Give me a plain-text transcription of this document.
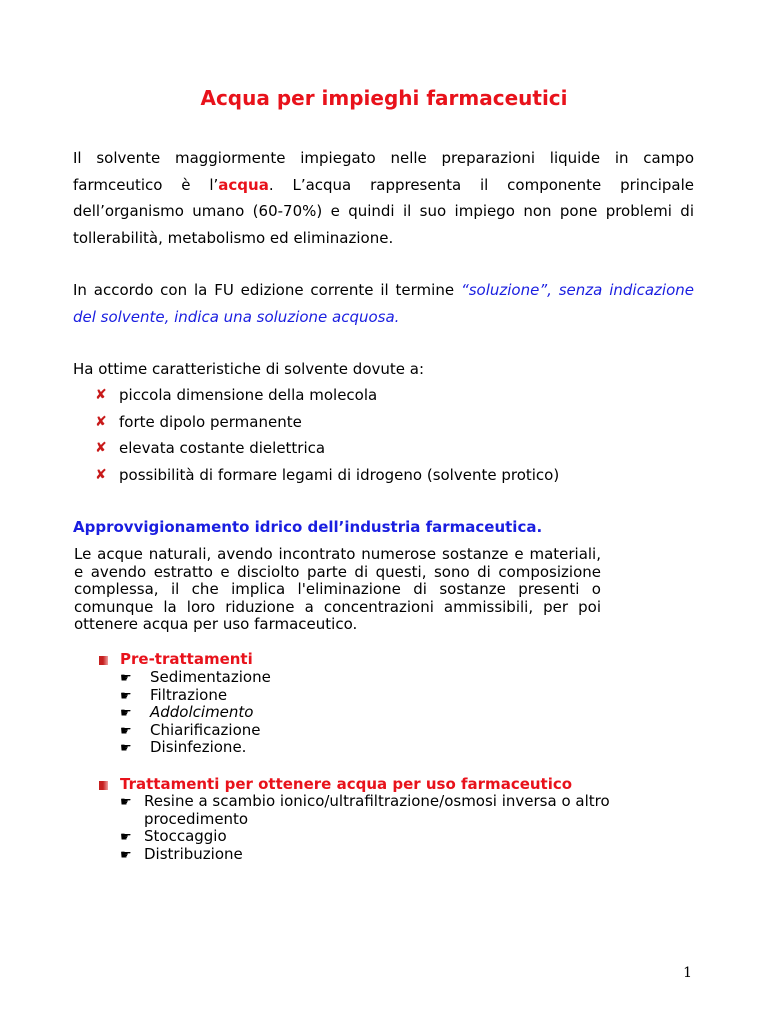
Acqua per impieghi farmaceutici
Il solvente maggiormente impiegato nelle preparazioni liquide in campo
farmceutico è l’acqua. L’acqua rappresenta il componente principale
dell’organismo umano (60-70%) e quindi il suo impiego non pone problemi di
tollerabilità, metabolismo ed eliminazione.
In accordo con la FU edizione corrente il termine “soluzione”, senza indicazione del solvente, indica una soluzione acquosa.
Ha ottime caratteristiche di solvente dovute a:
✘ piccola dimensione della molecola
✘ forte dipolo permanente
✘ elevata costante dielettrica
✘ possibilità di formare legami di idrogeno (solvente protico)
Approvvigionamento idrico dell’industria farmaceutica.
Le acque naturali, avendo incontrato numerose sostanze e materiali, e avendo estratto e disciolto parte di questi, sono di composizione complessa, il che implica l'eliminazione di sostanze presenti o comunque la loro riduzione a concentrazioni ammissibili, per poi ottenere acqua per uso farmaceutico.
Pre-trattamenti
☛ Sedimentazione
☛ Filtrazione
☛ Addolcimento
☛ Chiarificazione
☛ Disinfezione.
Trattamenti per ottenere acqua per uso farmaceutico
☛ Resine a scambio ionico/ultrafiltrazione/osmosi inversa o altro
procedimento
☛ Stoccaggio
☛ Distribuzione
1
